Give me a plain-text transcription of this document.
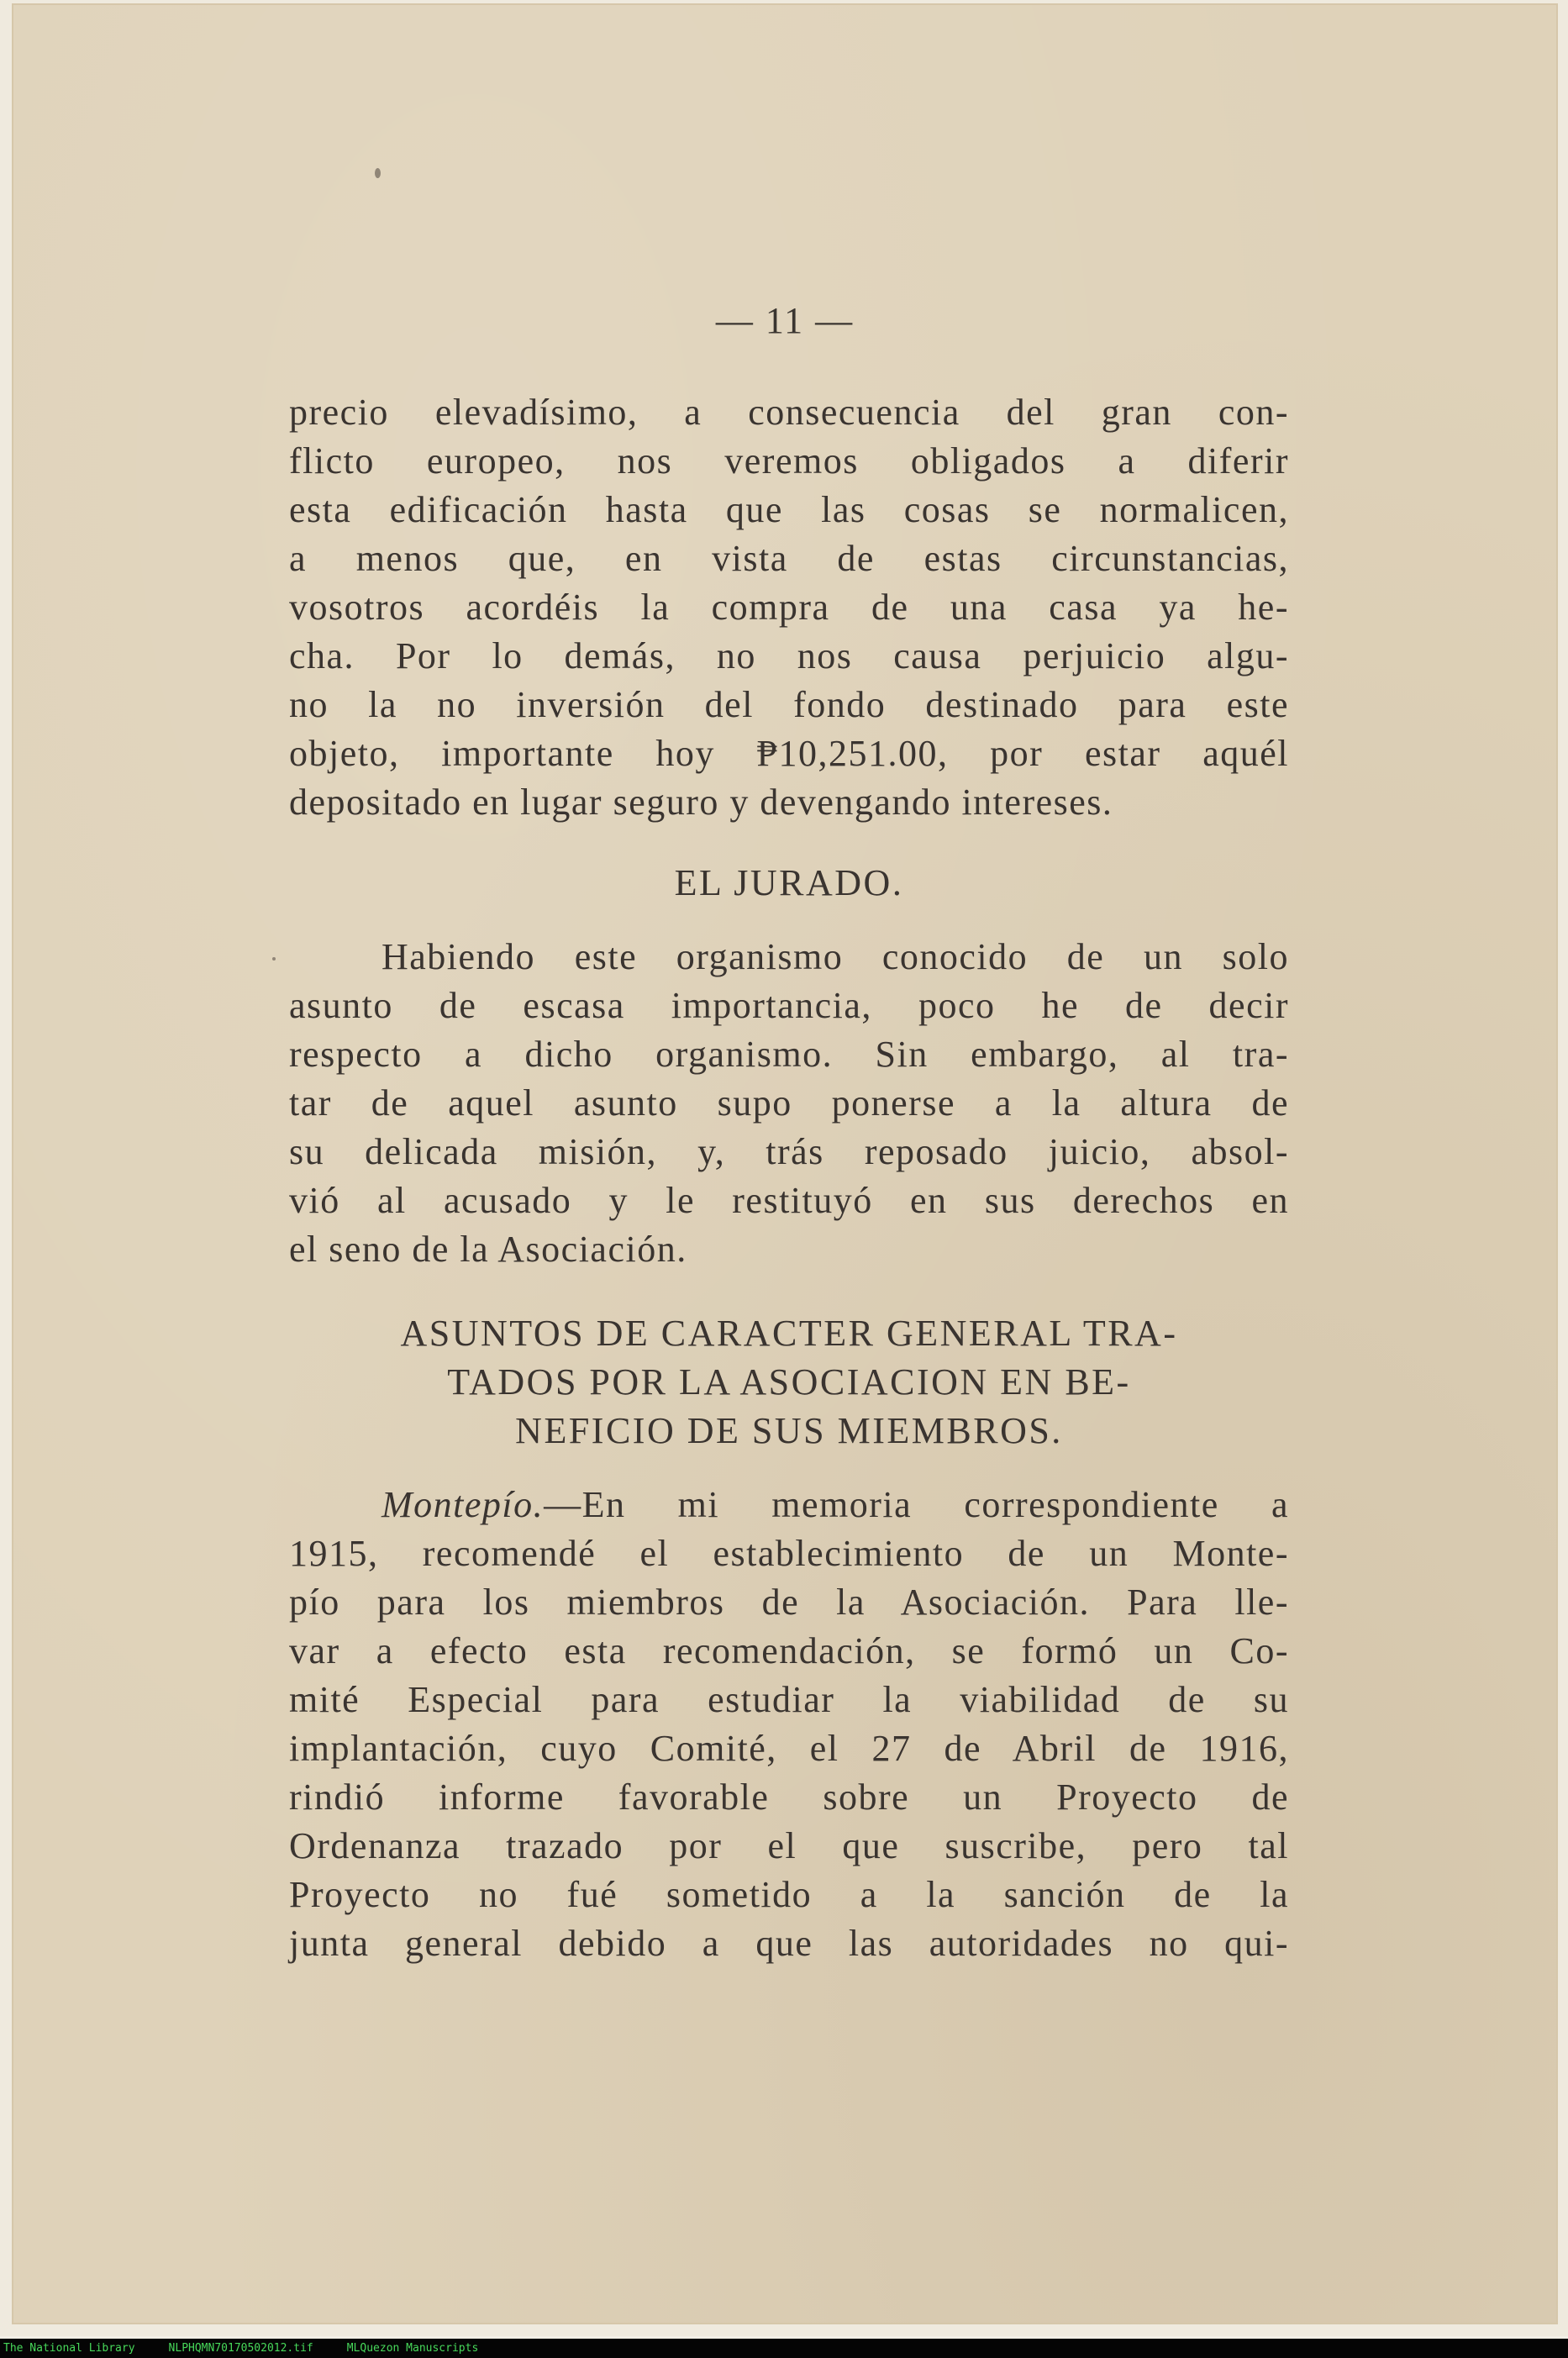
— 11 —
precio elevadísimo, a consecuencia del gran con-
flicto europeo, nos veremos obligados a diferir
esta edificación hasta que las cosas se normalicen,
a menos que, en vista de estas circunstancias,
vosotros acordéis la compra de una casa ya he-
cha. Por lo demás, no nos causa perjuicio algu-
no la no inversión del fondo destinado para este
objeto, importante hoy ₱10,251.00, por estar aquél
depositado en lugar seguro y devengando intereses.
EL JURADO.
Habiendo este organismo conocido de un solo
asunto de escasa importancia, poco he de decir
respecto a dicho organismo. Sin embargo, al tra-
tar de aquel asunto supo ponerse a la altura de
su delicada misión, y, trás reposado juicio, absol-
vió al acusado y le restituyó en sus derechos en
el seno de la Asociación.
ASUNTOS DE CARACTER GENERAL TRA-
TADOS POR LA ASOCIACION EN BE-
NEFICIO DE SUS MIEMBROS.
Montepío.—En mi memoria correspondiente a
1915, recomendé el establecimiento de un Monte-
pío para los miembros de la Asociación. Para lle-
var a efecto esta recomendación, se formó un Co-
mité Especial para estudiar la viabilidad de su
implantación, cuyo Comité, el 27 de Abril de 1916,
rindió informe favorable sobre un Proyecto de
Ordenanza trazado por el que suscribe, pero tal
Proyecto no fué sometido a la sanción de la
junta general debido a que las autoridades no qui-
The National Library	NLPHQMN70170502012.tif	MLQuezon Manuscripts
